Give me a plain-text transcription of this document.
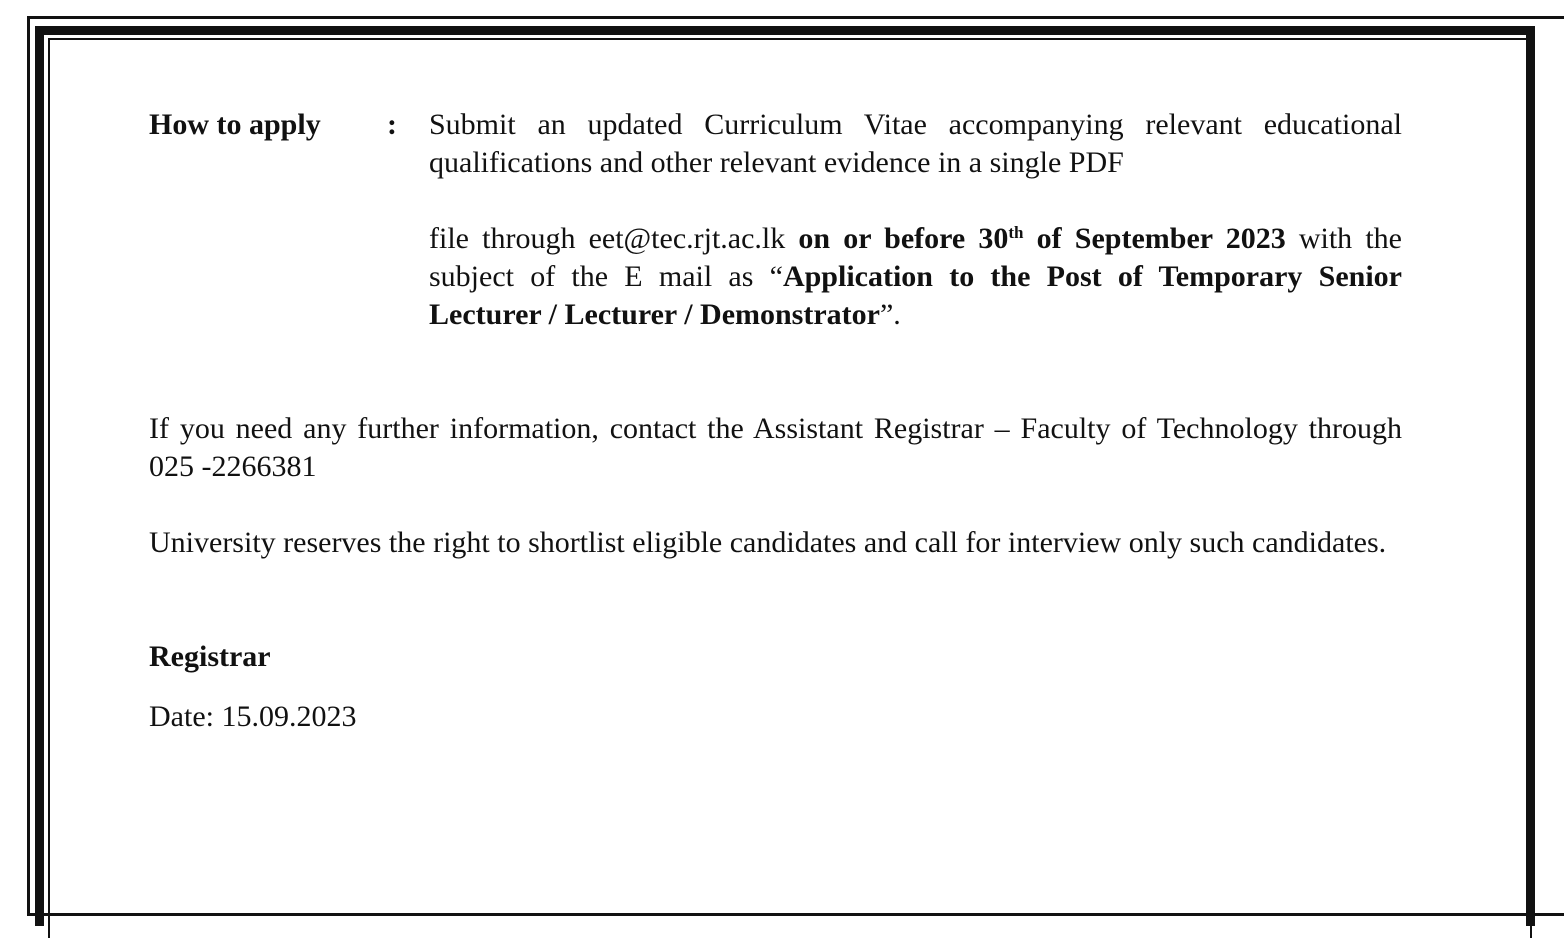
How to apply	:	Submit an updated Curriculum Vitae accompanying relevant educational qualifications and other relevant evidence in a single PDF

file through eet@tec.rjt.ac.lk on or before 30th of September 2023 with the subject of the E mail as “Application to the Post of Temporary Senior Lecturer / Lecturer / Demonstrator”.

If you need any further information, contact the Assistant Registrar – Faculty of Technology through 025 -2266381

University reserves the right to shortlist eligible candidates and call for interview only such candidates.

Registrar
Date: 15.09.2023
